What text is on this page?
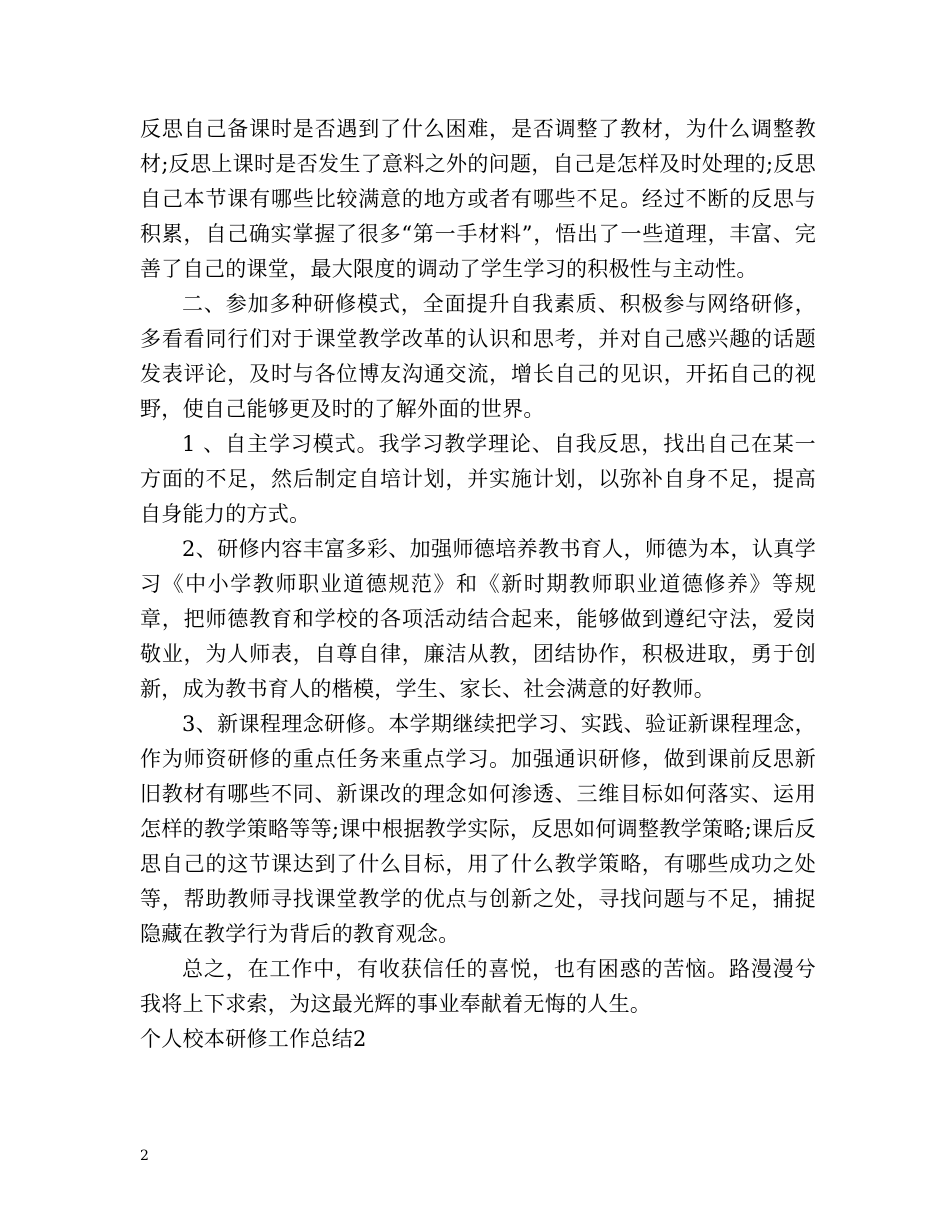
反思自己备课时是否遇到了什么困难，是否调整了教材，为什么调整教材;反思上课时是否发生了意料之外的问题，自己是怎样及时处理的;反思自己本节课有哪些比较满意的地方或者有哪些不足。经过不断的反思与积累，自己确实掌握了很多“第一手材料”，悟出了一些道理，丰富、完善了自己的课堂，最大限度的调动了学生学习的积极性与主动性。

二、参加多种研修模式，全面提升自我素质、积极参与网络研修，多看看同行们对于课堂教学改革的认识和思考，并对自己感兴趣的话题发表评论，及时与各位博友沟通交流，增长自己的见识，开拓自己的视野，使自己能够更及时的了解外面的世界。

1 、自主学习模式。我学习教学理论、自我反思，找出自己在某一方面的不足，然后制定自培计划，并实施计划，以弥补自身不足，提高自身能力的方式。

2、研修内容丰富多彩、加强师德培养教书育人，师德为本，认真学习《中小学教师职业道德规范》和《新时期教师职业道德修养》等规章，把师德教育和学校的各项活动结合起来，能够做到遵纪守法，爱岗敬业，为人师表，自尊自律，廉洁从教，团结协作，积极进取，勇于创新，成为教书育人的楷模，学生、家长、社会满意的好教师。

3、新课程理念研修。本学期继续把学习、实践、验证新课程理念，作为师资研修的重点任务来重点学习。加强通识研修，做到课前反思新旧教材有哪些不同、新课改的理念如何渗透、三维目标如何落实、运用怎样的教学策略等等;课中根据教学实际，反思如何调整教学策略;课后反思自己的这节课达到了什么目标，用了什么教学策略，有哪些成功之处等，帮助教师寻找课堂教学的优点与创新之处，寻找问题与不足，捕捉隐藏在教学行为背后的教育观念。

总之，在工作中，有收获信任的喜悦，也有困惑的苦恼。路漫漫兮我将上下求索，为这最光辉的事业奉献着无悔的人生。

个人校本研修工作总结2

2
